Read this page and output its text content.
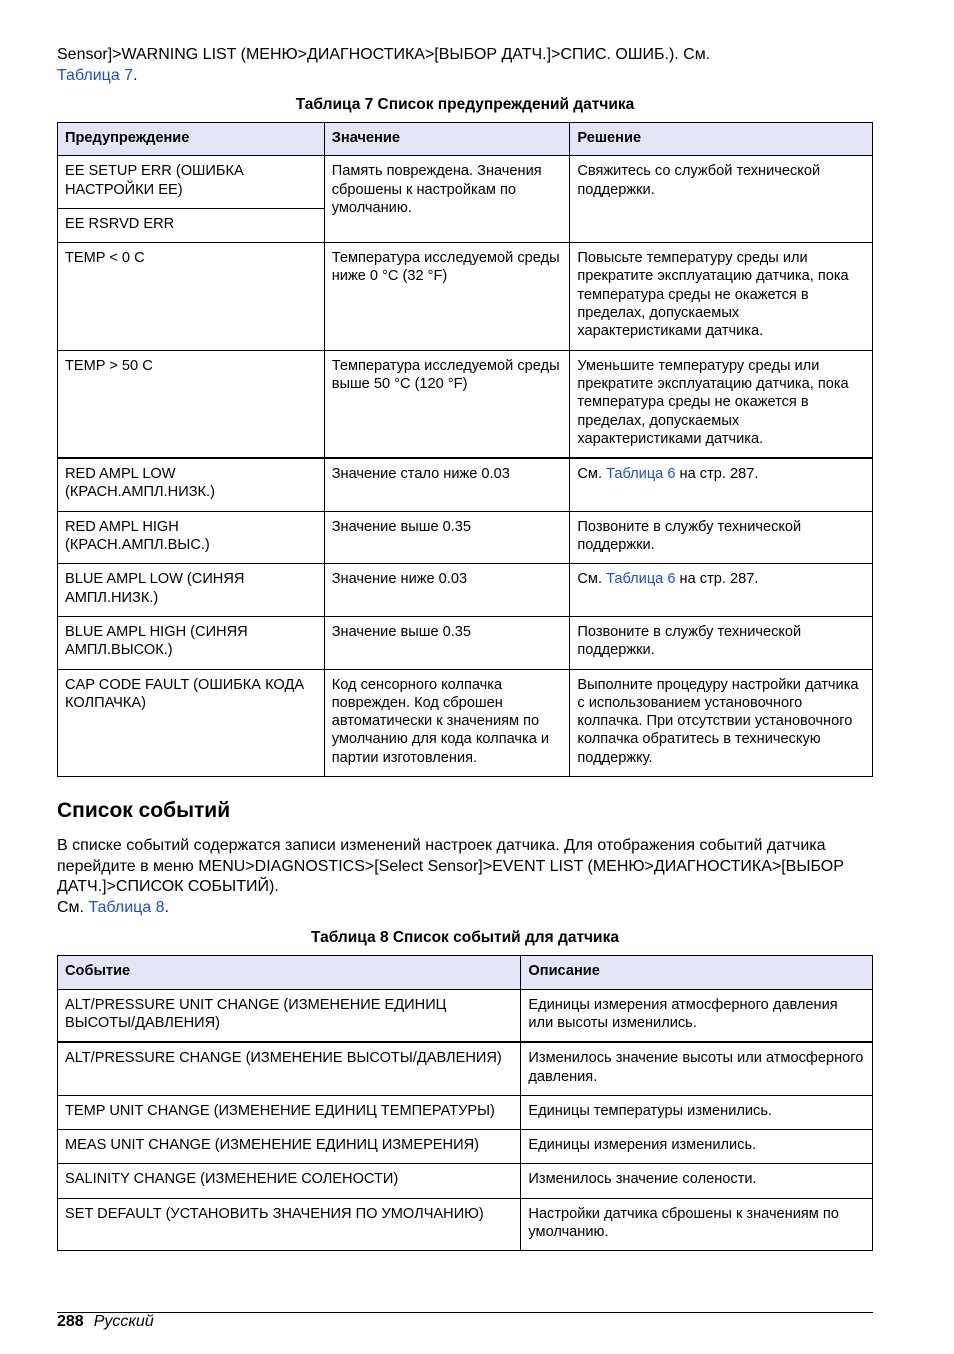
Sensor]>WARNING LIST (МЕНЮ>ДИАГНОСТИКА>[ВЫБОР ДАТЧ.]>СПИС. ОШИБ.). См.
Таблица 7.

Таблица 7 Список предупреждений датчика
Предупреждение	Значение	Решение
EE SETUP ERR (ОШИБКА НАСТРОЙКИ EE)	Память повреждена. Значения сброшены к настройкам по умолчанию.	Свяжитесь со службой технической поддержки.
EE RSRVD ERR		
TEMP < 0 C	Температура исследуемой среды ниже 0 °C (32 °F)	Повысьте температуру среды или прекратите эксплуатацию датчика, пока температура среды не окажется в пределах, допускаемых характеристиками датчика.
TEMP > 50 C	Температура исследуемой среды выше 50 °C (120 °F)	Уменьшите температуру среды или прекратите эксплуатацию датчика, пока температура среды не окажется в пределах, допускаемых характеристиками датчика.
RED AMPL LOW (КРАСН.АМПЛ.НИЗК.)	Значение стало ниже 0.03	См. Таблица 6 на стр. 287.
RED AMPL HIGH (КРАСН.АМПЛ.ВЫС.)	Значение выше 0.35	Позвоните в службу технической поддержки.
BLUE AMPL LOW (СИНЯЯ АМПЛ.НИЗК.)	Значение ниже 0.03	См. Таблица 6 на стр. 287.
BLUE AMPL HIGH (СИНЯЯ АМПЛ.ВЫСОК.)	Значение выше 0.35	Позвоните в службу технической поддержки.
CAP CODE FAULT (ОШИБКА КОДА КОЛПАЧКА)	Код сенсорного колпачка поврежден. Код сброшен автоматически к значениям по умолчанию для кода колпачка и партии изготовления.	Выполните процедуру настройки датчика с использованием установочного колпачка. При отсутствии установочного колпачка обратитесь в техническую поддержку.
Список событий

В списке событий содержатся записи изменений настроек датчика. Для отображения событий датчика перейдите в меню MENU>DIAGNOSTICS>[Select Sensor]>EVENT LIST (МЕНЮ>ДИАГНОСТИКА>[ВЫБОР ДАТЧ.]>СПИСОК СОБЫТИЙ).
См. Таблица 8.

Таблица 8 Список событий для датчика
Событие	Описание
ALT/PRESSURE UNIT CHANGE (ИЗМЕНЕНИЕ ЕДИНИЦ ВЫСОТЫ/ДАВЛЕНИЯ)	Единицы измерения атмосферного давления или высоты изменились.
ALT/PRESSURE CHANGE (ИЗМЕНЕНИЕ ВЫСОТЫ/ДАВЛЕНИЯ)	Изменилось значение высоты или атмосферного давления.
TEMP UNIT CHANGE (ИЗМЕНЕНИЕ ЕДИНИЦ ТЕМПЕРАТУРЫ)	Единицы температуры изменились.
MEAS UNIT CHANGE (ИЗМЕНЕНИЕ ЕДИНИЦ ИЗМЕРЕНИЯ)	Единицы измерения изменились.
SALINITY CHANGE (ИЗМЕНЕНИЕ СОЛЕНОСТИ)	Изменилось значение солености.
SET DEFAULT (УСТАНОВИТЬ ЗНАЧЕНИЯ ПО УМОЛЧАНИЮ)	Настройки датчика сброшены к значениям по умолчанию.
288 Русский
